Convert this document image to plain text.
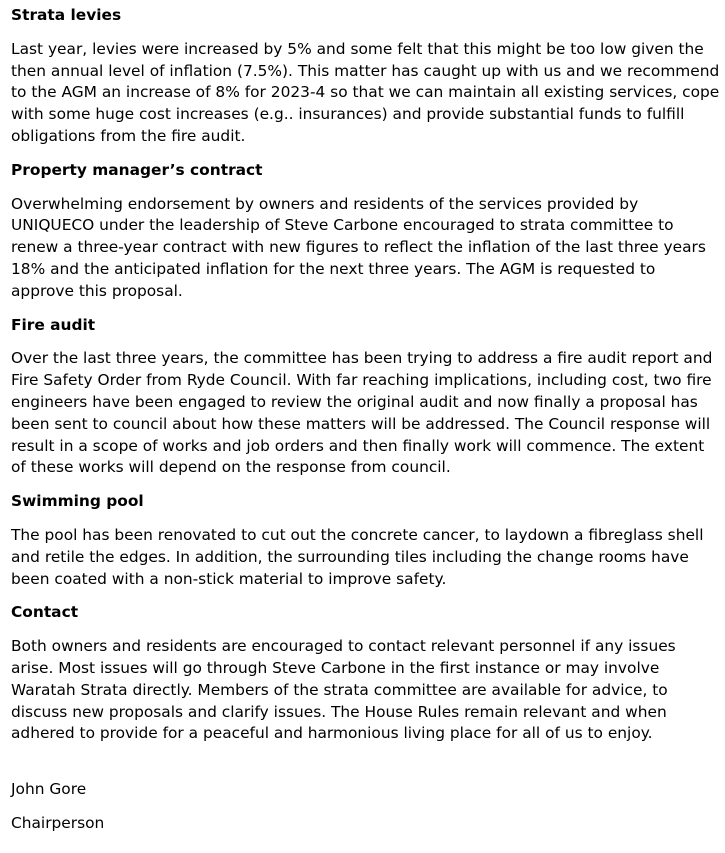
Strata levies

Last year, levies were increased by 5% and some felt that this might be too low given the then annual level of inflation (7.5%). This matter has caught up with us and we recommend to the AGM an increase of 8% for 2023-4 so that we can maintain all existing services, cope with some huge cost increases (e.g.. insurances) and provide substantial funds to fulfill obligations from the fire audit.

Property manager’s contract

Overwhelming endorsement by owners and residents of the services provided by UNIQUECO under the leadership of Steve Carbone encouraged to strata committee to renew a three-year contract with new figures to reflect the inflation of the last three years 18% and the anticipated inflation for the next three years. The AGM is requested to approve this proposal.

Fire audit

Over the last three years, the committee has been trying to address a fire audit report and Fire Safety Order from Ryde Council. With far reaching implications, including cost, two fire engineers have been engaged to review the original audit and now finally a proposal has been sent to council about how these matters will be addressed. The Council response will result in a scope of works and job orders and then finally work will commence. The extent of these works will depend on the response from council.

Swimming pool

The pool has been renovated to cut out the concrete cancer, to laydown a fibreglass shell and retile the edges. In addition, the surrounding tiles including the change rooms have been coated with a non-stick material to improve safety.

Contact

Both owners and residents are encouraged to contact relevant personnel if any issues arise. Most issues will go through Steve Carbone in the first instance or may involve Waratah Strata directly. Members of the strata committee are available for advice, to discuss new proposals and clarify issues. The House Rules remain relevant and when adhered to provide for a peaceful and harmonious living place for all of us to enjoy.

John Gore
Chairperson
